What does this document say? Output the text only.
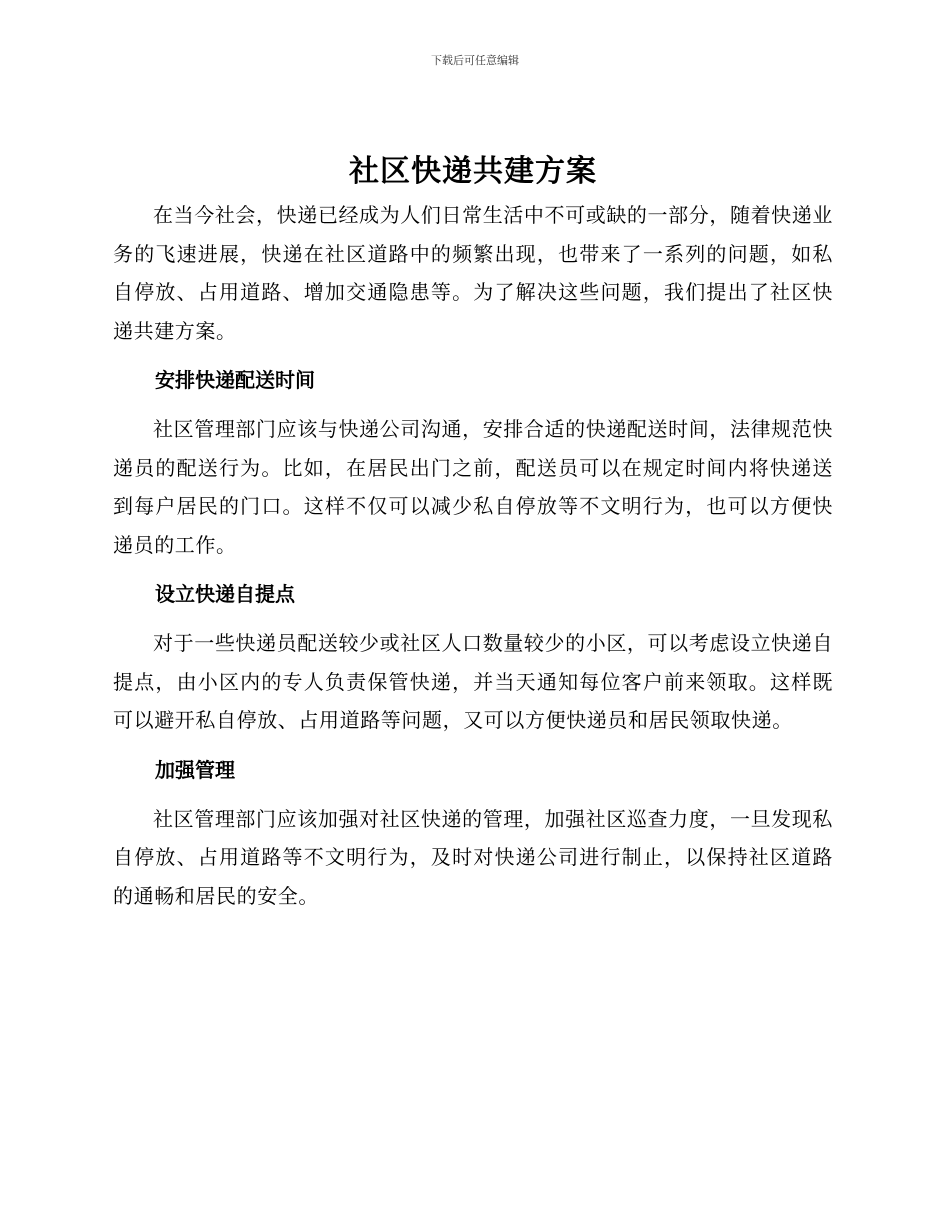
下载后可任意编辑
社区快递共建方案

在当今社会，快递已经成为人们日常生活中不可或缺的一部分，随着快递业务的飞速进展，快递在社区道路中的频繁出现，也带来了一系列的问题，如私自停放、占用道路、增加交通隐患等。为了解决这些问题，我们提出了社区快递共建方案。

安排快递配送时间

社区管理部门应该与快递公司沟通，安排合适的快递配送时间，法律规范快递员的配送行为。比如，在居民出门之前，配送员可以在规定时间内将快递送到每户居民的门口。这样不仅可以减少私自停放等不文明行为，也可以方便快递员的工作。

设立快递自提点

对于一些快递员配送较少或社区人口数量较少的小区，可以考虑设立快递自提点，由小区内的专人负责保管快递，并当天通知每位客户前来领取。这样既可以避开私自停放、占用道路等问题，又可以方便快递员和居民领取快递。

加强管理

社区管理部门应该加强对社区快递的管理，加强社区巡查力度，一旦发现私自停放、占用道路等不文明行为，及时对快递公司进行制止，以保持社区道路的通畅和居民的安全。
